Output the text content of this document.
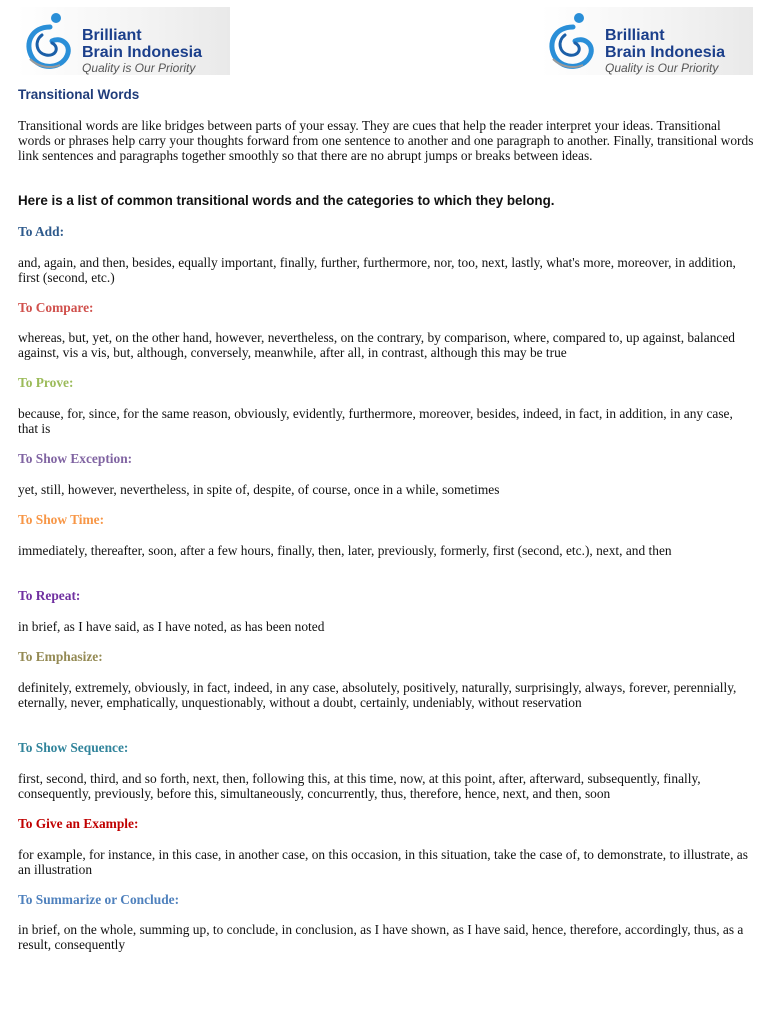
Brilliant
Brain Indonesia
Quality is Our Priority
Brilliant
Brain Indonesia
Quality is Our Priority
Transitional Words

Transitional words are like bridges between parts of your essay. They are cues that help the reader interpret your ideas. Transitional words or phrases help carry your thoughts forward from one sentence to another and one paragraph to another. Finally, transitional words link sentences and paragraphs together smoothly so that there are no abrupt jumps or breaks between ideas.

Here is a list of common transitional words and the categories to which they belong.
To Add:

and, again, and then, besides, equally important, finally, further, furthermore, nor, too, next, lastly, what's more, moreover, in addition, first (second, etc.)

To Compare:

whereas, but, yet, on the other hand, however, nevertheless, on the contrary, by comparison, where, compared to, up against, balanced against, vis a vis, but, although, conversely, meanwhile, after all, in contrast, although this may be true

To Prove:

because, for, since, for the same reason, obviously, evidently, furthermore, moreover, besides, indeed, in fact, in addition, in any case, that is

To Show Exception:

yet, still, however, nevertheless, in spite of, despite, of course, once in a while, sometimes

To Show Time:

immediately, thereafter, soon, after a few hours, finally, then, later, previously, formerly, first (second, etc.), next, and then

To Repeat:

in brief, as I have said, as I have noted, as has been noted

To Emphasize:

definitely, extremely, obviously, in fact, indeed, in any case, absolutely, positively, naturally, surprisingly, always, forever, perennially, eternally, never, emphatically, unquestionably, without a doubt, certainly, undeniably, without reservation

To Show Sequence:

first, second, third, and so forth, next, then, following this, at this time, now, at this point, after, afterward, subsequently, finally, consequently, previously, before this, simultaneously, concurrently, thus, therefore, hence, next, and then, soon

To Give an Example:

for example, for instance, in this case, in another case, on this occasion, in this situation, take the case of, to demonstrate, to illustrate, as an illustration

To Summarize or Conclude:

in brief, on the whole, summing up, to conclude, in conclusion, as I have shown, as I have said, hence, therefore, accordingly, thus, as a result, consequently
